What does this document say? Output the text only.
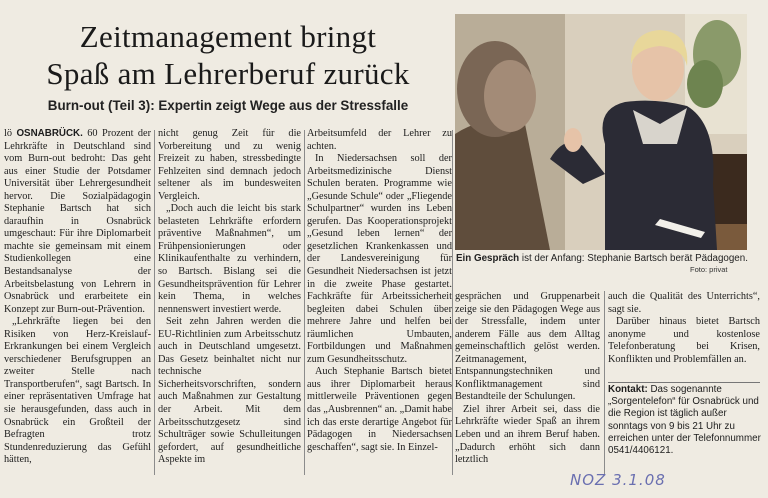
Zeitmanagement bringt
Spaß am Lehrerberuf zurück
Burn-out (Teil 3): Expertin zeigt Wege aus der Stressfalle

lö OSNABRÜCK. 60 Prozent der Lehrkräfte in Deutschland sind vom Burn-out bedroht: Das geht aus einer Studie der Potsdamer Universität über Lehrergesundheit hervor. Die Sozialpädagogin Stephanie Bartsch hat sich daraufhin in Osnabrück umgeschaut: Für ihre Diplomarbeit machte sie gemeinsam mit einem Studienkollegen eine Bestandsanalyse der Arbeitsbelastung von Lehrern in Osnabrück und erarbeitete ein Konzept zur Burn-out-Prävention.

„Lehrkräfte liegen bei den Risiken von Herz-Kreislauf-Erkrankungen bei einem Vergleich verschiedener Berufsgruppen an zweiter Stelle nach Transportberufen“, sagt Bartsch. In einer repräsentativen Umfrage hat sie herausgefunden, dass auch in Osnabrück ein Großteil der Befragten trotz Stundenreduzierung das Gefühl hätten,

nicht genug Zeit für die Vorbereitung und zu wenig Freizeit zu haben, stressbedingte Fehlzeiten sind demnach jedoch seltener als im bundesweiten Vergleich.

„Doch auch die leicht bis stark belasteten Lehrkräfte erfordern präventive Maßnahmen“, um Frühpensionierungen oder Klinikaufenthalte zu verhindern, so Bartsch. Bislang sei die Gesundheitsprävention für Lehrer kein Thema, in welches nennenswert investiert werde.

Seit zehn Jahren werden die EU-Richtlinien zum Arbeitsschutz auch in Deutschland umgesetzt. Das Gesetz beinhaltet nicht nur technische Sicherheitsvorschriften, sondern auch Maßnahmen zur Gestaltung der Arbeit. Mit dem Arbeitsschutzgesetz sind Schulträger sowie Schulleitungen gefordert, auf gesundheitliche Aspekte im

Arbeitsumfeld der Lehrer zu achten.

In Niedersachsen soll der Arbeitsmedizinische Dienst Schulen beraten. Programme wie „Gesunde Schule“ oder „Fliegende Schulpartner“ wurden ins Leben gerufen. Das Kooperationsprojekt „Gesund leben lernen“ der gesetzlichen Krankenkassen und der Landesvereinigung für Gesundheit Niedersachsen ist jetzt in die zweite Phase gestartet. Fachkräfte für Arbeitssicherheit begleiten dabei Schulen über mehrere Jahre und helfen bei räumlichen Umbauten, Fortbildungen und Maßnahmen zum Gesundheitsschutz.

Auch Stephanie Bartsch bietet aus ihrer Diplomarbeit heraus mittlerweile Präventionen gegen das „Ausbrennen“ an. „Damit habe ich das erste derartige Angebot für Pädagogen in Niedersachsen geschaffen“, sagt sie. In Einzel-

Ein Gespräch ist der Anfang: Stephanie Bartsch berät Pädagogen.
Foto: privat

gesprächen und Gruppenarbeit zeige sie den Pädagogen Wege aus der Stressfalle, indem unter anderem Fälle aus dem Alltag gemeinschaftlich gelöst werden. Zeitmanagement, Entspannungstechniken und Konfliktmanagement sind Bestandteile der Schulungen.

Ziel ihrer Arbeit sei, dass die Lehrkräfte wieder Spaß an ihrem Leben und an ihrem Beruf haben. „Dadurch erhöht sich dann letztlich

auch die Qualität des Unterrichts“, sagt sie.

Darüber hinaus bietet Bartsch anonyme und kostenlose Telefonberatung bei Krisen, Konflikten und Problemfällen an.

Kontakt: Das sogenannte „Sorgentelefon“ für Osnabrück und die Region ist täglich außer sonntags von 9 bis 21 Uhr zu erreichen unter der Telefonnummer 0541/4406121.
NOZ 3.1.08
